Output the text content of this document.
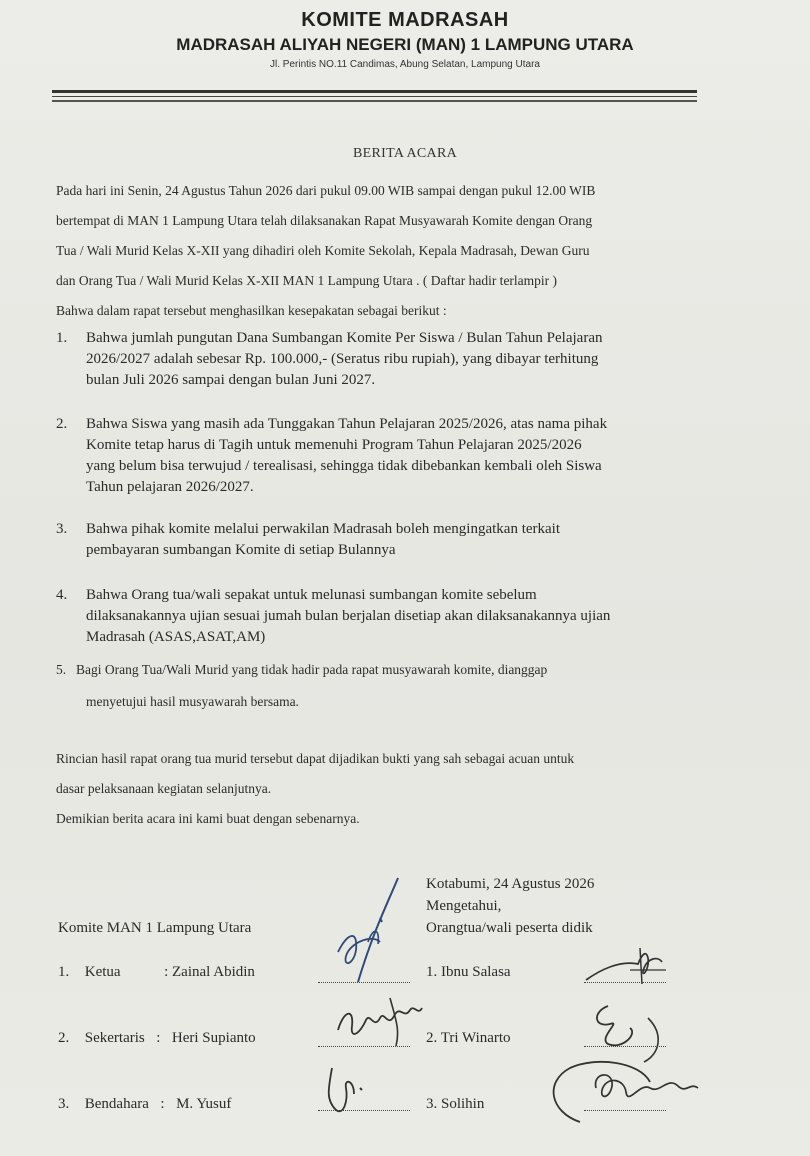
KOMITE MADRASAH
MADRASAH ALIYAH NEGERI (MAN) 1 LAMPUNG UTARA
Jl. Perintis NO.11 Candimas, Abung Selatan, Lampung Utara
BERITA ACARA
Pada hari ini Senin, 24 Agustus Tahun 2026 dari pukul 09.00 WIB sampai dengan pukul 12.00 WIB
bertempat di MAN 1 Lampung Utara telah dilaksanakan Rapat Musyawarah Komite dengan Orang
Tua / Wali Murid Kelas X-XII yang dihadiri oleh Komite Sekolah, Kepala Madrasah, Dewan Guru
dan Orang Tua / Wali Murid Kelas X-XII MAN 1 Lampung Utara . ( Daftar hadir terlampir )
Bahwa dalam rapat tersebut menghasilkan kesepakatan sebagai berikut :
1. Bahwa jumlah pungutan Dana Sumbangan Komite Per Siswa / Bulan Tahun Pelajaran
2026/2027 adalah sebesar Rp. 100.000,- (Seratus ribu rupiah), yang dibayar terhitung
bulan Juli 2026 sampai dengan bulan Juni 2027.
2. Bahwa Siswa yang masih ada Tunggakan Tahun Pelajaran 2025/2026, atas nama pihak
Komite tetap harus di Tagih untuk memenuhi Program Tahun Pelajaran 2025/2026
yang belum bisa terwujud / terealisasi, sehingga tidak dibebankan kembali oleh Siswa
Tahun pelajaran 2026/2027.
3. Bahwa pihak komite melalui perwakilan Madrasah boleh mengingatkan terkait
pembayaran sumbangan Komite di setiap Bulannya
4. Bahwa Orang tua/wali sepakat untuk melunasi sumbangan komite sebelum
dilaksanakannya ujian sesuai jumah bulan berjalan disetiap akan dilaksanakannya ujian
Madrasah (ASAS,ASAT,AM)
5. Bagi Orang Tua/Wali Murid yang tidak hadir pada rapat musyawarah komite, dianggap
menyetujui hasil musyawarah bersama.
Rincian hasil rapat orang tua murid tersebut dapat dijadikan bukti yang sah sebagai acuan untuk
dasar pelaksanaan kegiatan selanjutnya.
Demikian berita acara ini kami buat dengan sebenarnya.
Kotabumi, 24 Agustus 2026
Mengetahui,
Komite MAN 1 Lampung Utara	Orangtua/wali peserta didik
1. Ketua	: Zainal Abidin
2. Sekertaris : Heri Supianto
3. Bendahara : M. Yusuf
1. Ibnu Salasa
2. Tri Winarto
3. Solihin
